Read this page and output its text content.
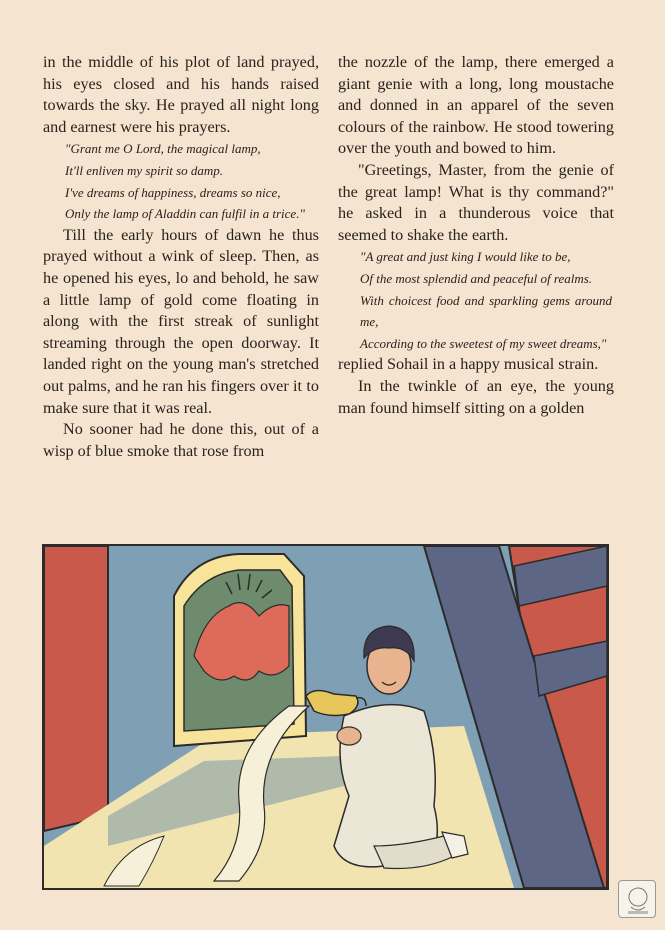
in the middle of his plot of land prayed, his eyes closed and his hands raised towards the sky. He prayed all night long and earnest were his prayers.

"Grant me O Lord, the magical lamp,
It'll enliven my spirit so damp.
I've dreams of happiness, dreams so nice,
Only the lamp of Aladdin can fulfil in a trice."

Till the early hours of dawn he thus prayed without a wink of sleep. Then, as he opened his eyes, lo and behold, he saw a little lamp of gold come floating in along with the first streak of sunlight streaming through the open doorway. It landed right on the young man's stretched out palms, and he ran his fingers over it to make sure that it was real.

No sooner had he done this, out of a wisp of blue smoke that rose from

the nozzle of the lamp, there emerged a giant genie with a long, long moustache and donned in an apparel of the seven colours of the rainbow. He stood towering over the youth and bowed to him.

"Greetings, Master, from the genie of the great lamp! What is thy command?" he asked in a thunderous voice that seemed to shake the earth.

"A great and just king I would like to be,
Of the most splendid and peaceful of realms.
With choicest food and sparkling gems around me,
According to the sweetest of my sweet dreams,"

replied Sohail in a happy musical strain.

In the twinkle of an eye, the young man found himself sitting on a golden
